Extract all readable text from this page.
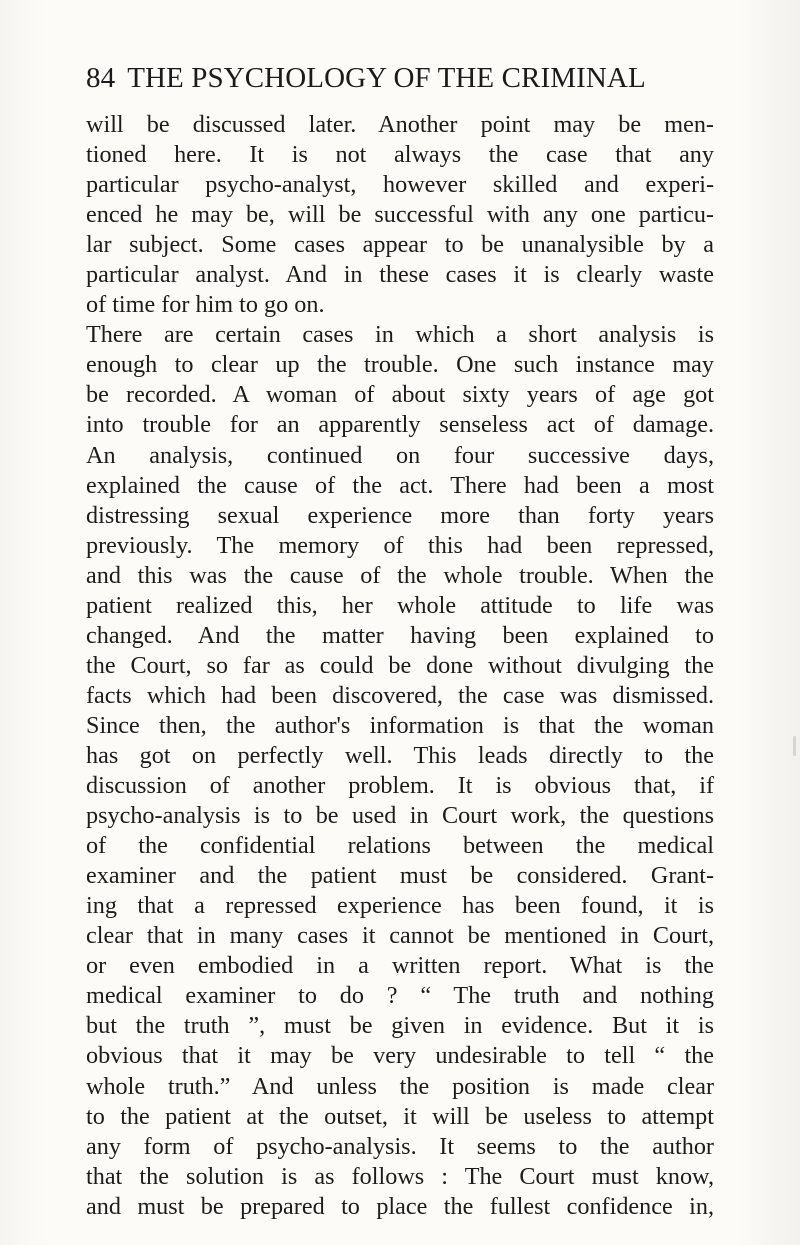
84 THE PSYCHOLOGY OF THE CRIMINAL
will be discussed later. Another point may be men-
tioned here. It is not always the case that any
particular psycho-analyst, however skilled and experi-
enced he may be, will be successful with any one particu-
lar subject. Some cases appear to be unanalysible by a
particular analyst. And in these cases it is clearly waste
of time for him to go on.
There are certain cases in which a short analysis is
enough to clear up the trouble. One such instance may
be recorded. A woman of about sixty years of age got
into trouble for an apparently senseless act of damage.
An analysis, continued on four successive days,
explained the cause of the act. There had been a most
distressing sexual experience more than forty years
previously. The memory of this had been repressed,
and this was the cause of the whole trouble. When the
patient realized this, her whole attitude to life was
changed. And the matter having been explained to
the Court, so far as could be done without divulging the
facts which had been discovered, the case was dismissed.
Since then, the author's information is that the woman
has got on perfectly well. This leads directly to the
discussion of another problem. It is obvious that, if
psycho-analysis is to be used in Court work, the questions
of the confidential relations between the medical
examiner and the patient must be considered. Grant-
ing that a repressed experience has been found, it is
clear that in many cases it cannot be mentioned in Court,
or even embodied in a written report. What is the
medical examiner to do ? “ The truth and nothing
but the truth ”, must be given in evidence. But it is
obvious that it may be very undesirable to tell “ the
whole truth.” And unless the position is made clear
to the patient at the outset, it will be useless to attempt
any form of psycho-analysis. It seems to the author
that the solution is as follows : The Court must know,
and must be prepared to place the fullest confidence in,
